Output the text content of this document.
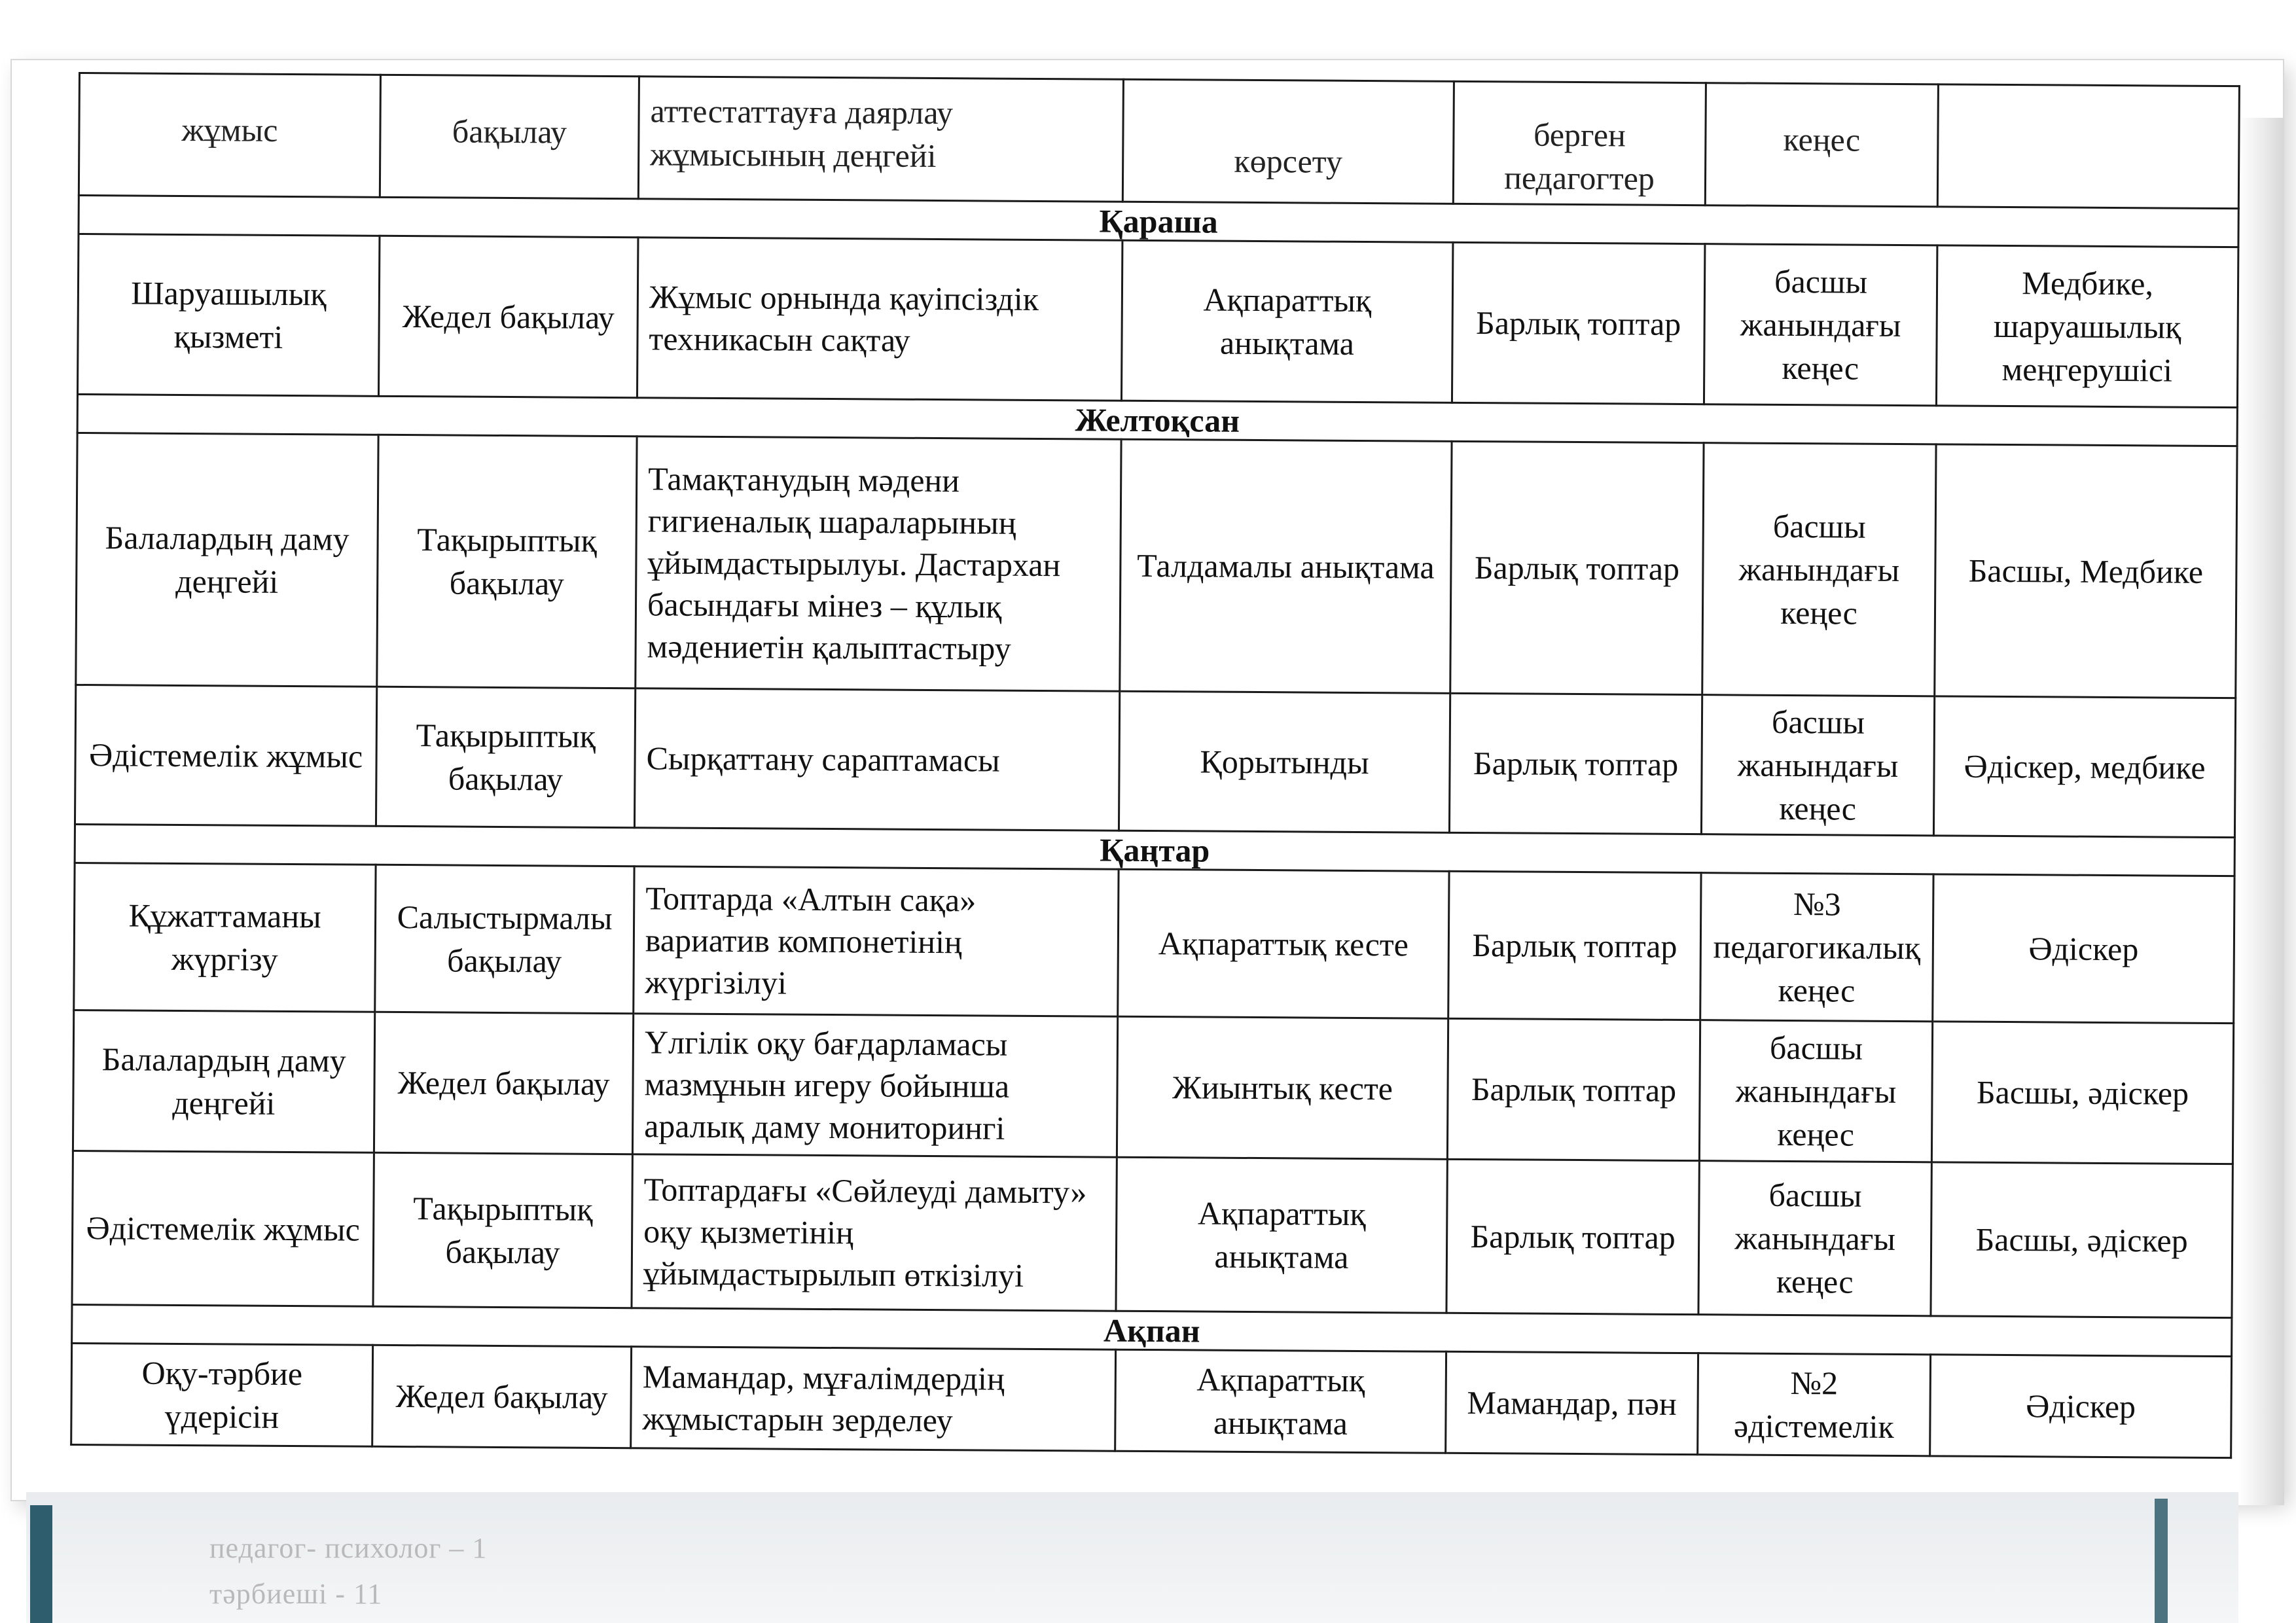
педагог- психолог – 1
тәрбиеші - 11
жұмыс	бақылау	аттестаттауға даярлау жұмысының деңгейі	көрсету	берген педагогтер	кеңес	

Қараша						
Шаруашылық қызметі	Жедел бақылау	Жұмыс орнында қауіпсіздік техникасын сақтау	Ақпараттық анықтама	Барлық топтар	басшы жанындағы кеңес	Медбике, шаруашылық меңгерушісі
Желтоқсан						
Балалардың даму деңгейі	Тақырыптық бақылау	Тамақтанудың мәдени гигиеналық шараларының ұйымдастырылуы. Дастархан басындағы мінез – құлық мәдениетін қалыптастыру	Талдамалы анықтама	Барлық топтар	басшы жанындағы кеңес	Басшы, Медбике
Әдістемелік жұмыс	Тақырыптық бақылау	Сырқаттану сараптамасы	Қорытынды	Барлық топтар	басшы жанындағы кеңес	Әдіскер, медбике
Қаңтар						
Құжаттаманы жүргізу	Салыстырмалы бақылау	Топтарда «Алтын сақа» вариатив компонетінің жүргізілуі	Ақпараттық кесте	Барлық топтар	№3 педагогикалық кеңес	Әдіскер
Балалардың даму деңгейі	Жедел бақылау	Үлгілік оқу бағдарламасы мазмұнын игеру бойынша аралық даму мониторингі	Жиынтық кесте	Барлық топтар	басшы жанындағы кеңес	Басшы, әдіскер
Әдістемелік жұмыс	Тақырыптық бақылау	Топтардағы «Сөйлеуді дамыту» оқу қызметінің ұйымдастырылып өткізілуі	Ақпараттық анықтама	Барлық топтар	басшы жанындағы кеңес	Басшы, әдіскер
Ақпан						
Оқу-тәрбие үдерісін	Жедел бақылау	Мамандар, мұғалімдердің жұмыстарын зерделеу	Ақпараттық анықтама	Мамандар, пән	№2 әдістемелік	Әдіскер
